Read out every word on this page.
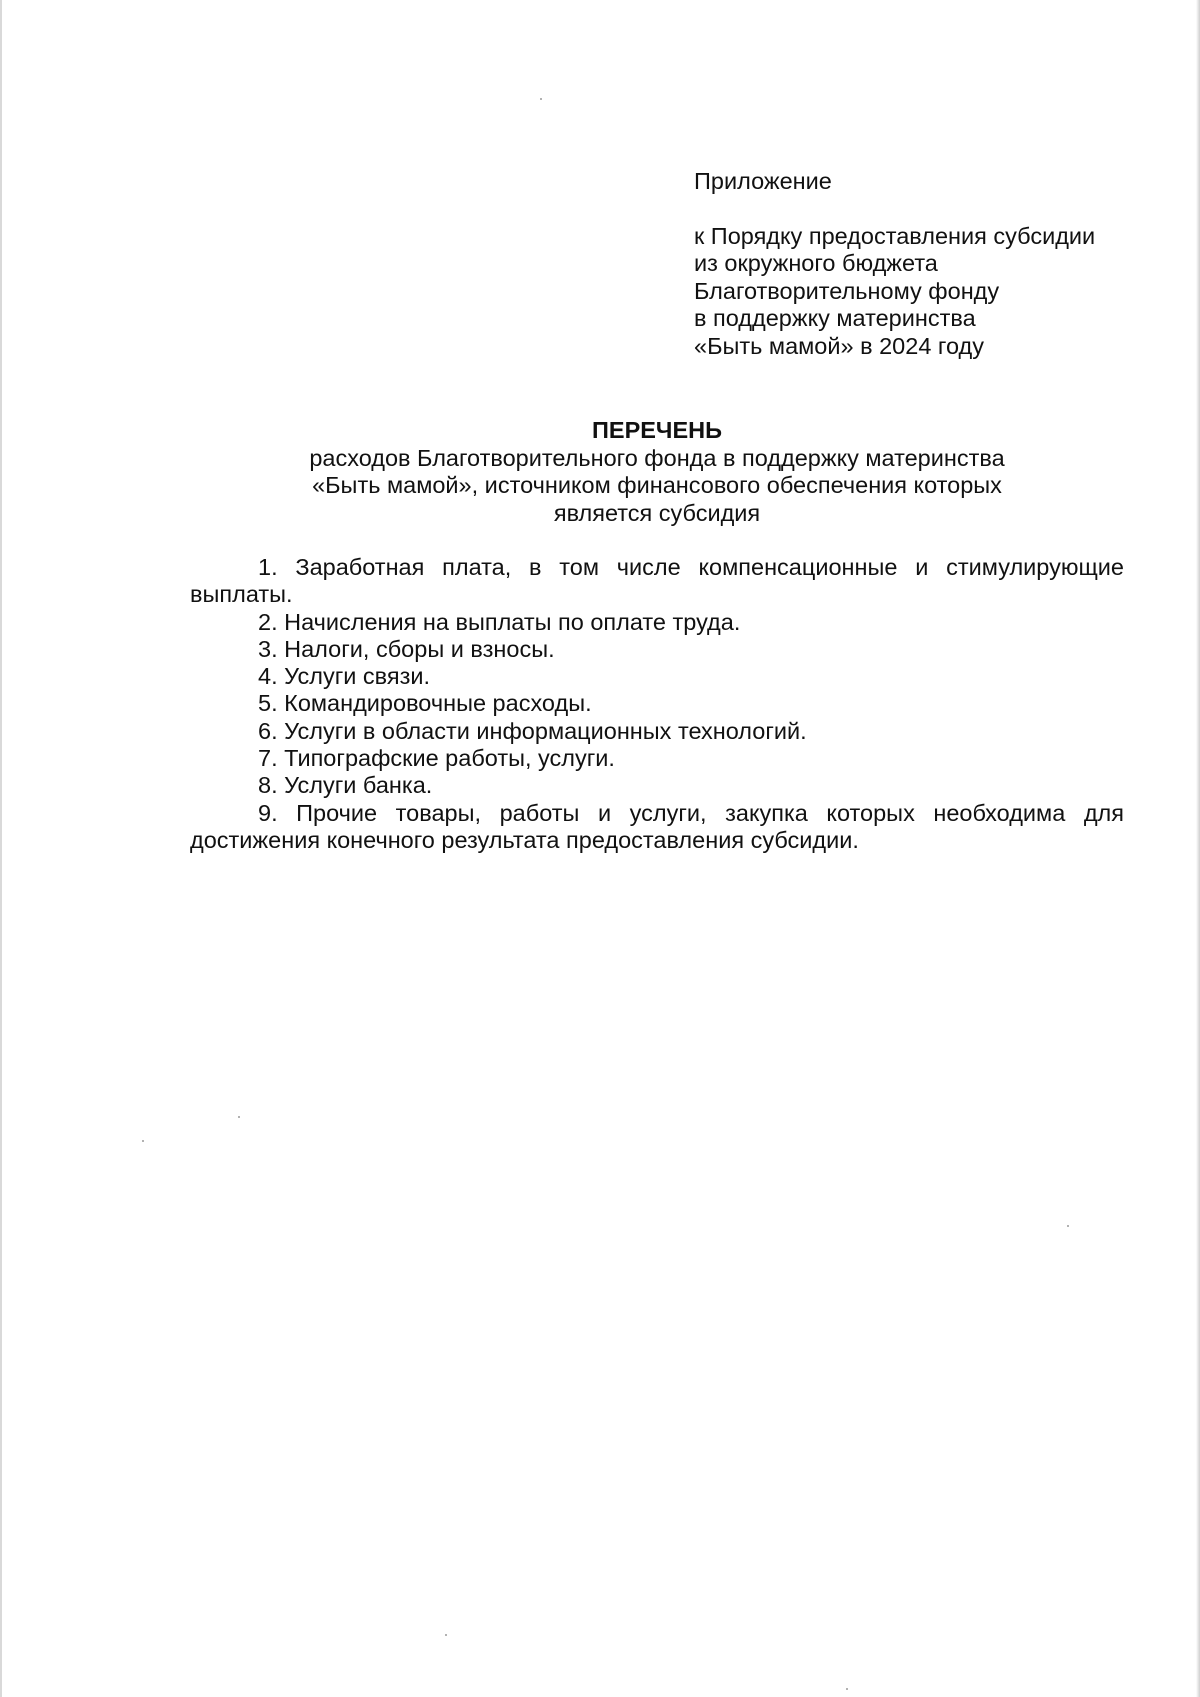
Приложение

к Порядку предоставления субсидии

из окружного бюджета

Благотворительному фонду

в поддержку материнства

«Быть мамой» в 2024 году

ПЕРЕЧЕНЬ

расходов Благотворительного фонда в поддержку материнства

«Быть мамой», источником финансового обеспечения которых

является субсидия

1. Заработная плата, в том числе компенсационные и стимулирующие выплаты.

2. Начисления на выплаты по оплате труда.

3. Налоги, сборы и взносы.

4. Услуги связи.

5. Командировочные расходы.

6. Услуги в области информационных технологий.

7. Типографские работы, услуги.

8. Услуги банка.

9. Прочие товары, работы и услуги, закупка которых необходима для достижения конечного результата предоставления субсидии.
